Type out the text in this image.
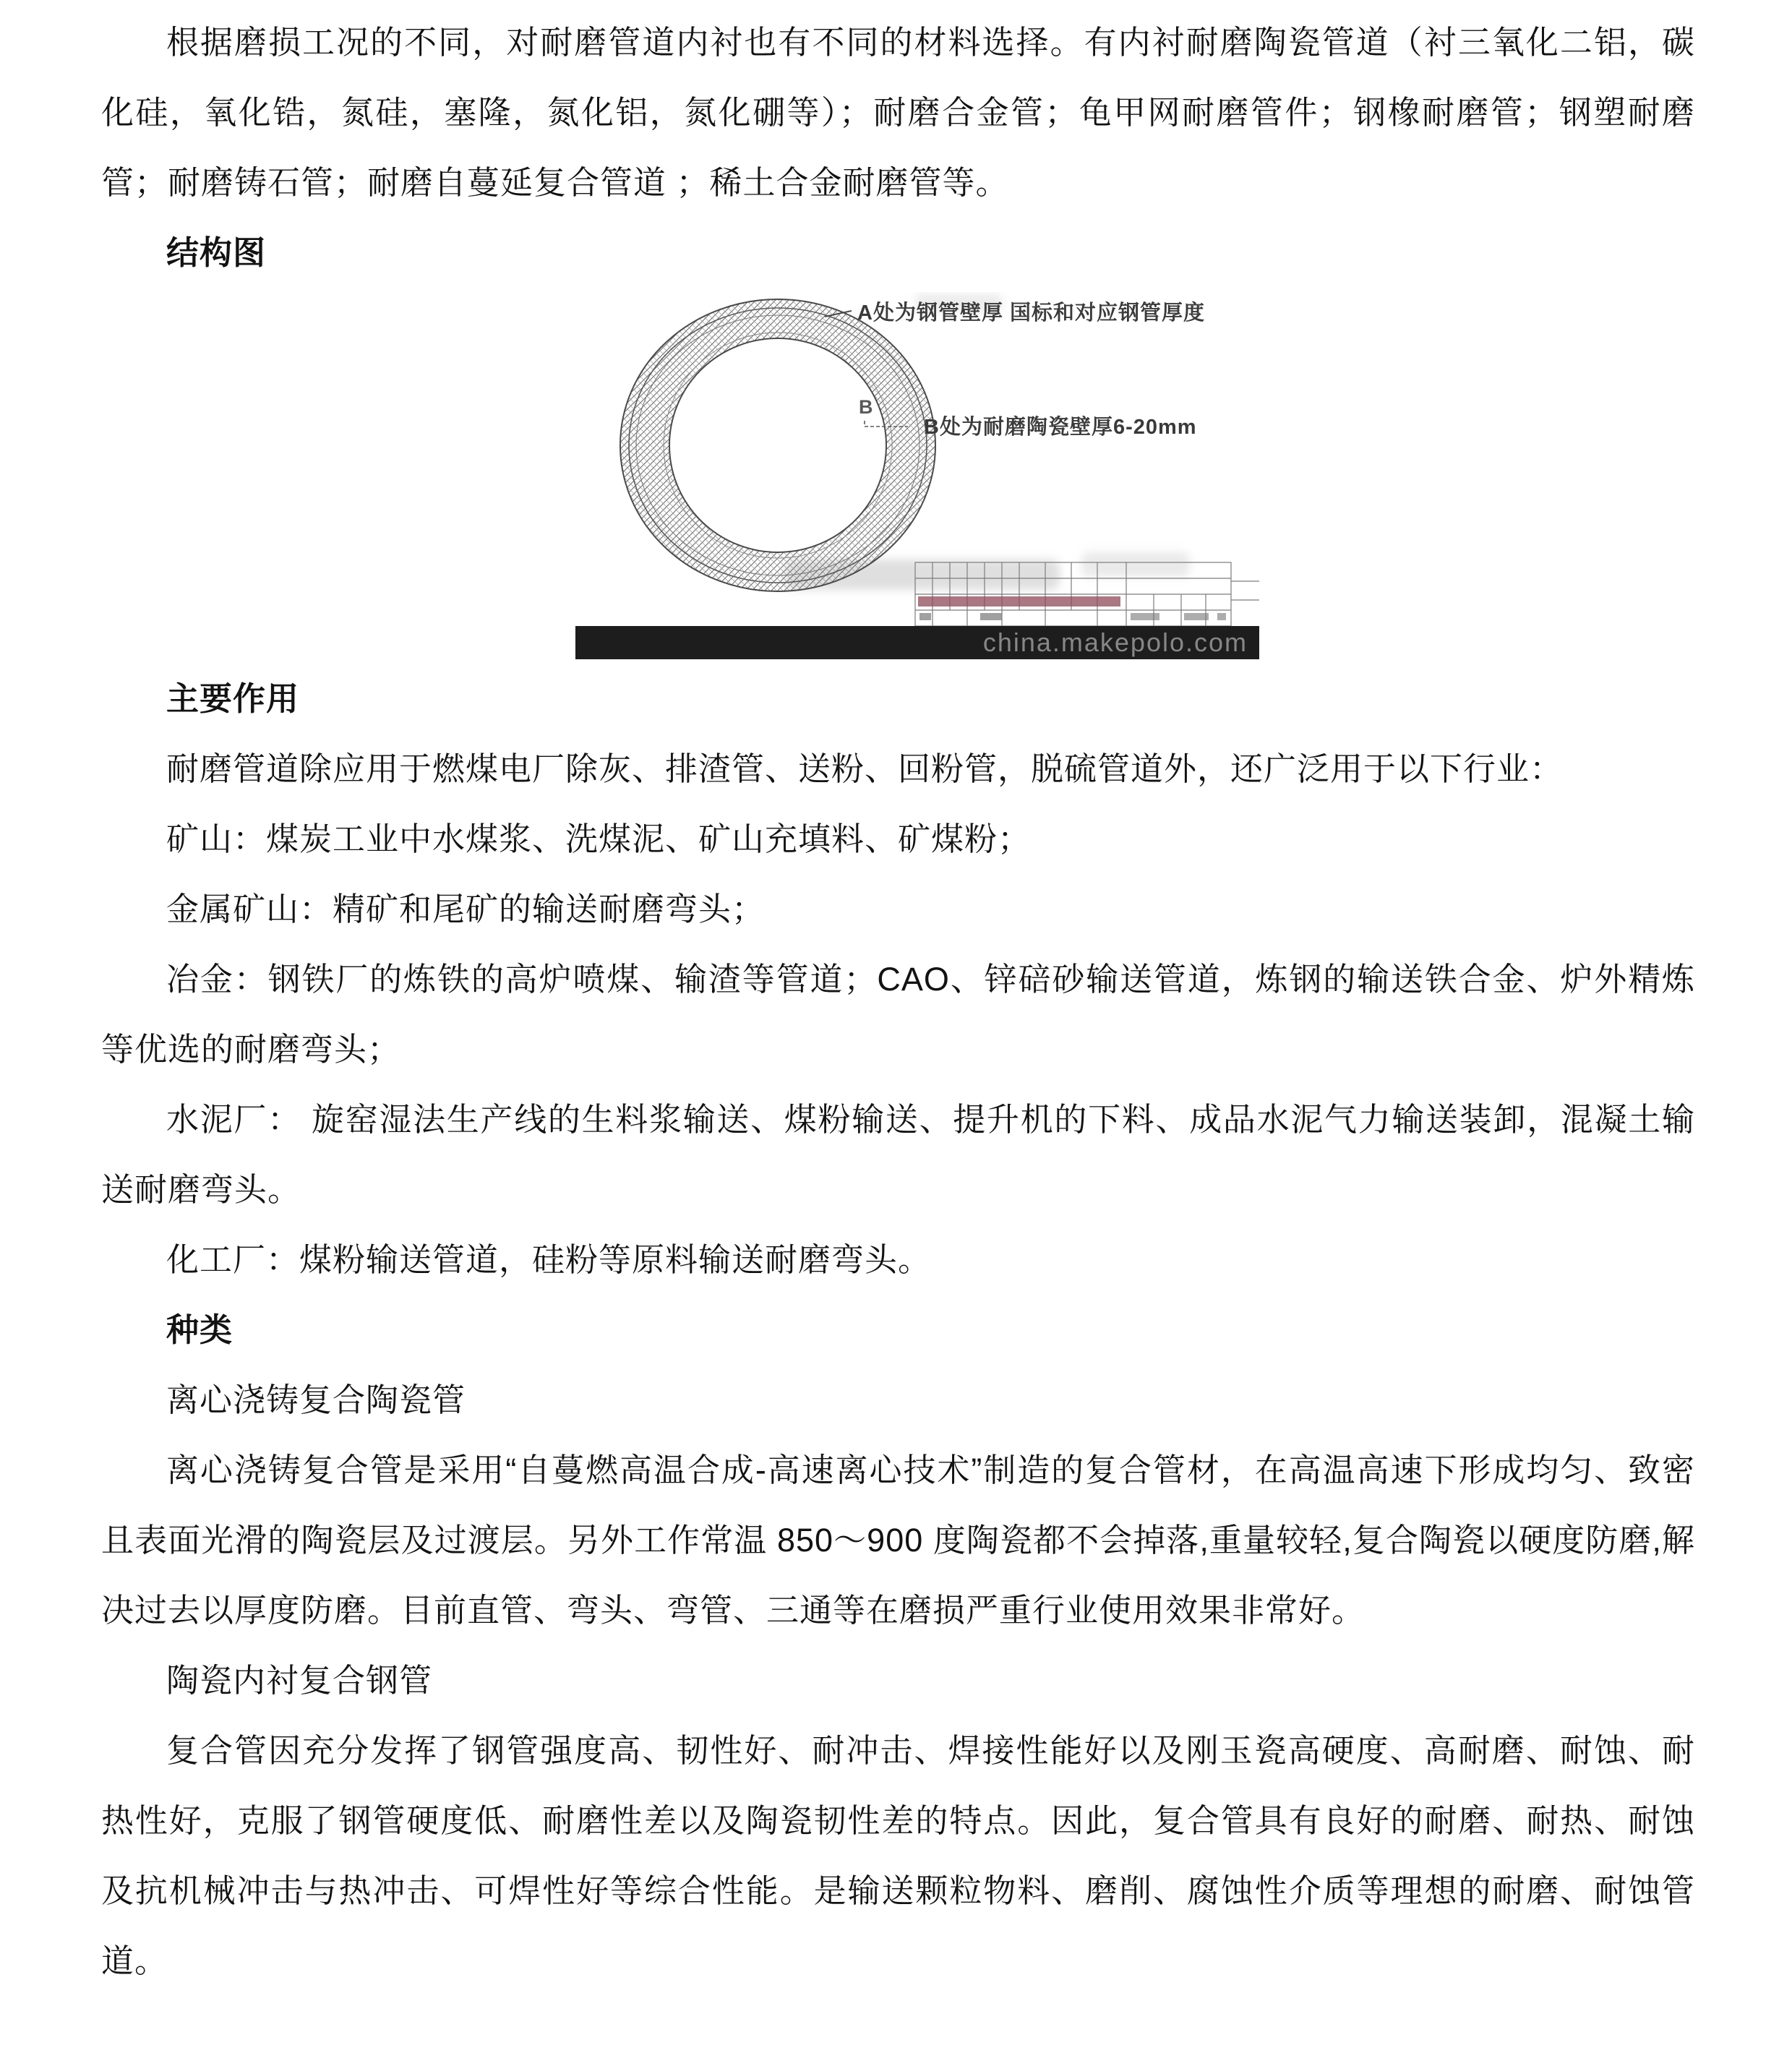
根据磨损工况的不同，对耐磨管道内衬也有不同的材料选择。有内衬耐磨陶瓷管道（衬三氧化二铝，碳化硅，氧化锆，氮硅，塞隆，氮化铝，氮化硼等）；耐磨合金管；龟甲网耐磨管件；钢橡耐磨管；钢塑耐磨管；耐磨铸石管；耐磨自蔓延复合管道 ；稀土合金耐磨管等。

结构图

A处为钢管壁厚 国标和对应钢管厚度
B
B处为耐磨陶瓷壁厚6-20mm
china.makepolo.com

主要作用

耐磨管道除应用于燃煤电厂除灰、排渣管、送粉、回粉管，脱硫管道外，还广泛用于以下行业：

矿山：煤炭工业中水煤浆、洗煤泥、矿山充填料、矿煤粉；

金属矿山：精矿和尾矿的输送耐磨弯头；

冶金：钢铁厂的炼铁的高炉喷煤、输渣等管道；CAO、锌碚砂输送管道，炼钢的输送铁合金、炉外精炼等优选的耐磨弯头；

水泥厂： 旋窑湿法生产线的生料浆输送、煤粉输送、提升机的下料、成品水泥气力输送装卸，混凝土输送耐磨弯头。

化工厂：煤粉输送管道，硅粉等原料输送耐磨弯头。

种类

离心浇铸复合陶瓷管

离心浇铸复合管是采用“自蔓燃高温合成-高速离心技术”制造的复合管材，在高温高速下形成均匀、致密且表面光滑的陶瓷层及过渡层。另外工作常温 850～900 度陶瓷都不会掉落,重量较轻,复合陶瓷以硬度防磨,解决过去以厚度防磨。目前直管、弯头、弯管、三通等在磨损严重行业使用效果非常好。

陶瓷内衬复合钢管

复合管因充分发挥了钢管强度高、韧性好、耐冲击、焊接性能好以及刚玉瓷高硬度、高耐磨、耐蚀、耐热性好，克服了钢管硬度低、耐磨性差以及陶瓷韧性差的特点。因此，复合管具有良好的耐磨、耐热、耐蚀及抗机械冲击与热冲击、可焊性好等综合性能。是输送颗粒物料、磨削、腐蚀性介质等理想的耐磨、耐蚀管道。
